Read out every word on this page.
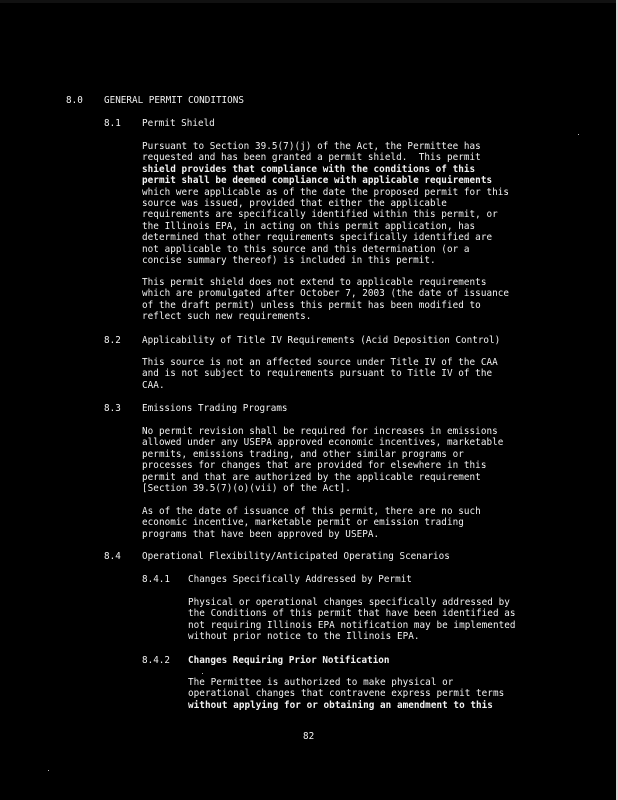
8.0 GENERAL PERMIT CONDITIONS
8.1 Permit Shield
Pursuant to Section 39.5(7)(j) of the Act, the Permittee has
requested and has been granted a permit shield.  This permit
shield provides that compliance with the conditions of this
permit shall be deemed compliance with applicable requirements
which were applicable as of the date the proposed permit for this
source was issued, provided that either the applicable
requirements are specifically identified within this permit, or
the Illinois EPA, in acting on this permit application, has
determined that other requirements specifically identified are
not applicable to this source and this determination (or a
concise summary thereof) is included in this permit.
This permit shield does not extend to applicable requirements
which are promulgated after October 7, 2003 (the date of issuance
of the draft permit) unless this permit has been modified to
reflect such new requirements.
8.2 Applicability of Title IV Requirements (Acid Deposition Control)
This source is not an affected source under Title IV of the CAA
and is not subject to requirements pursuant to Title IV of the
CAA.
8.3 Emissions Trading Programs
No permit revision shall be required for increases in emissions
allowed under any USEPA approved economic incentives, marketable
permits, emissions trading, and other similar programs or
processes for changes that are provided for elsewhere in this
permit and that are authorized by the applicable requirement
[Section 39.5(7)(o)(vii) of the Act].
As of the date of issuance of this permit, there are no such
economic incentive, marketable permit or emission trading
programs that have been approved by USEPA.
8.4 Operational Flexibility/Anticipated Operating Scenarios
8.4.1 Changes Specifically Addressed by Permit
Physical or operational changes specifically addressed by
the Conditions of this permit that have been identified as
not requiring Illinois EPA notification may be implemented
without prior notice to the Illinois EPA.
8.4.2 Changes Requiring Prior Notification
The Permittee is authorized to make physical or
operational changes that contravene express permit terms
without applying for or obtaining an amendment to this
82
